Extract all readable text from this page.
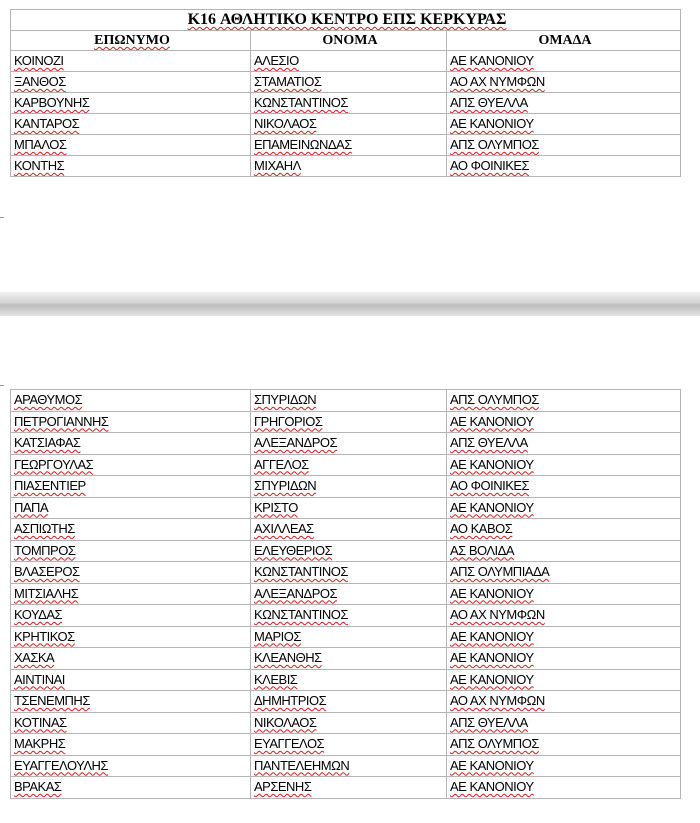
K16 ΑΘΛΗΤΙΚΟ ΚΕΝΤΡΟ ΕΠΣ ΚΕΡΚΥΡΑΣ		
ΕΠΩΝΥΜΟ	ΟΝΟΜΑ	ΟΜΑΔΑ
ΚΟΙΝΟΖΙ	ΑΛΕΣΙΟ	ΑΕ ΚΑΝΟΝΙΟΥ
ΞΑΝΘΟΣ	ΣΤΑΜΑΤΙΟΣ	ΑΟ ΑΧ ΝΥΜΦΩΝ
ΚΑΡΒΟΥΝΗΣ	ΚΩΝΣΤΑΝΤΙΝΟΣ	ΑΠΣ ΘΥΕΛΛΑ
ΚΑΝΤΑΡΟΣ	ΝΙΚΟΛΑΟΣ	ΑΕ ΚΑΝΟΝΙΟΥ
ΜΠΑΛΟΣ	ΕΠΑΜΕΙΝΩΝΔΑΣ	ΑΠΣ ΟΛΥΜΠΟΣ
ΚΟΝΤΗΣ	ΜΙΧΑΗΛ	ΑΟ ΦΟΙΝΙΚΕΣ
ΑΡΑΘΥΜΟΣ	ΣΠΥΡΙΔΩΝ	ΑΠΣ ΟΛΥΜΠΟΣ
ΠΕΤΡΟΓΙΑΝΝΗΣ	ΓΡΗΓΟΡΙΟΣ	ΑΕ ΚΑΝΟΝΙΟΥ
ΚΑΤΣΙΑΦΑΣ	ΑΛΕΞΑΝΔΡΟΣ	ΑΠΣ ΘΥΕΛΛΑ
ΓΕΩΡΓΟΥΛΑΣ	ΑΓΓΕΛΟΣ	ΑΕ ΚΑΝΟΝΙΟΥ
ΠΙΑΣΕΝΤΙΕΡ	ΣΠΥΡΙΔΩΝ	ΑΟ ΦΟΙΝΙΚΕΣ
ΠΑΠΑ	ΚΡΙΣΤΟ	ΑΕ ΚΑΝΟΝΙΟΥ
ΑΣΠΙΩΤΗΣ	ΑΧΙΛΛΕΑΣ	ΑΟ ΚΑΒΟΣ
ΤΟΜΠΡΟΣ	ΕΛΕΥΘΕΡΙΟΣ	ΑΣ ΒΟΛΙΔΑ
ΒΛΑΣΕΡΟΣ	ΚΩΝΣΤΑΝΤΙΝΟΣ	ΑΠΣ ΟΛΥΜΠΙΑΔΑ
ΜΙΤΣΙΑΛΗΣ	ΑΛΕΞΑΝΔΡΟΣ	ΑΕ ΚΑΝΟΝΙΟΥ
ΚΟΥΔΑΣ	ΚΩΝΣΤΑΝΤΙΝΟΣ	ΑΟ ΑΧ ΝΥΜΦΩΝ
ΚΡΗΤΙΚΟΣ	ΜΑΡΙΟΣ	ΑΕ ΚΑΝΟΝΙΟΥ
ΧΑΣΚΑ	ΚΛΕΑΝΘΗΣ	ΑΕ ΚΑΝΟΝΙΟΥ
ΑΙΝΤΙΝΑΙ	ΚΛΕΒΙΣ	ΑΕ ΚΑΝΟΝΙΟΥ
ΤΣΕΝΕΜΠΗΣ	ΔΗΜΗΤΡΙΟΣ	ΑΟ ΑΧ ΝΥΜΦΩΝ
ΚΟΤΙΝΑΣ	ΝΙΚΟΛΑΟΣ	ΑΠΣ ΘΥΕΛΛΑ
ΜΑΚΡΗΣ	ΕΥΑΓΓΕΛΟΣ	ΑΠΣ ΟΛΥΜΠΟΣ
ΕΥΑΓΓΕΛΟΥΛΗΣ	ΠΑΝΤΕΛΕΗΜΩΝ	ΑΕ ΚΑΝΟΝΙΟΥ
ΒΡΑΚΑΣ	ΑΡΣΕΝΗΣ	ΑΕ ΚΑΝΟΝΙΟΥ
